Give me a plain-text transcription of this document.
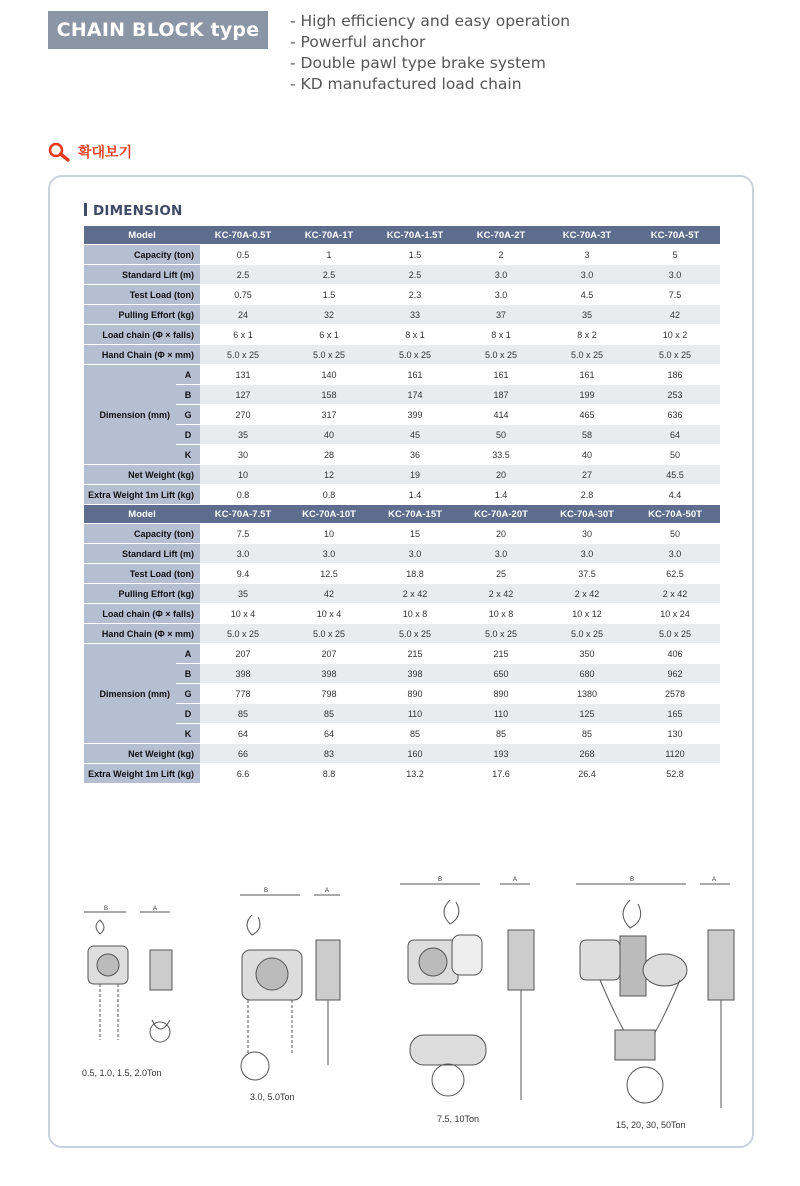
CHAIN BLOCK type	- High efficiency and easy operation
- Powerful anchor
- Double pawl type brake system
- KD manufactured load chain
확대보기
DIMENSION
Model		KC-70A-0.5T	KC-70A-1T	KC-70A-1.5T	KC-70A-2T	KC-70A-3T	KC-70A-5T
Capacity (ton)		0.5	1	1.5	2	3	5
Standard Lift (m)		2.5	2.5	2.5	3.0	3.0	3.0
Test Load (ton)		0.75	1.5	2.3	3.0	4.5	7.5
Pulling Effort (kg)		24	32	33	37	35	42
Load chain (Φ × falls)		6 x 1	6 x 1	8 x 1	8 x 1	8 x 2	10 x 2
Hand Chain (Φ × mm)		5.0 x 25	5.0 x 25	5.0 x 25	5.0 x 25	5.0 x 25	5.0 x 25
Dimension (mm)	A	131	140	161	161	161	186
	B	127	158	174	187	199	253
	G	270	317	399	414	465	636
	D	35	40	45	50	58	64
	K	30	28	36	33.5	40	50
Net Weight (kg)		10	12	19	20	27	45.5
Extra Weight 1m Lift (kg)		0.8	0.8	1.4	1.4	2.8	4.4
Model		KC-70A-7.5T	KC-70A-10T	KC-70A-15T	KC-70A-20T	KC-70A-30T	KC-70A-50T
Capacity (ton)		7.5	10	15	20	30	50
Standard Lift (m)		3.0	3.0	3.0	3.0	3.0	3.0
Test Load (ton)		9.4	12.5	18.8	25	37.5	62.5
Pulling Effort (kg)		35	42	2 x 42	2 x 42	2 x 42	2 x 42
Load chain (Φ × falls)		10 x 4	10 x 4	10 x 8	10 x 8	10 x 12	10 x 24
Hand Chain (Φ × mm)		5.0 x 25	5.0 x 25	5.0 x 25	5.0 x 25	5.0 x 25	5.0 x 25
Dimension (mm)	A	207	207	215	215	350	406
	B	398	398	398	650	680	962
	G	778	798	890	890	1380	2578
	D	85	85	110	110	125	165
	K	64	64	85	85	85	130
Net Weight (kg)		66	83	160	193	268	1120
Extra Weight 1m Lift (kg)		6.6	8.8	13.2	17.6	26.4	52.8
B	A
B	A
B	A	B	A
0.5, 1.0, 1.5, 2.0Ton
3.0, 5.0Ton
7.5, 10Ton
15, 20, 30, 50Ton
